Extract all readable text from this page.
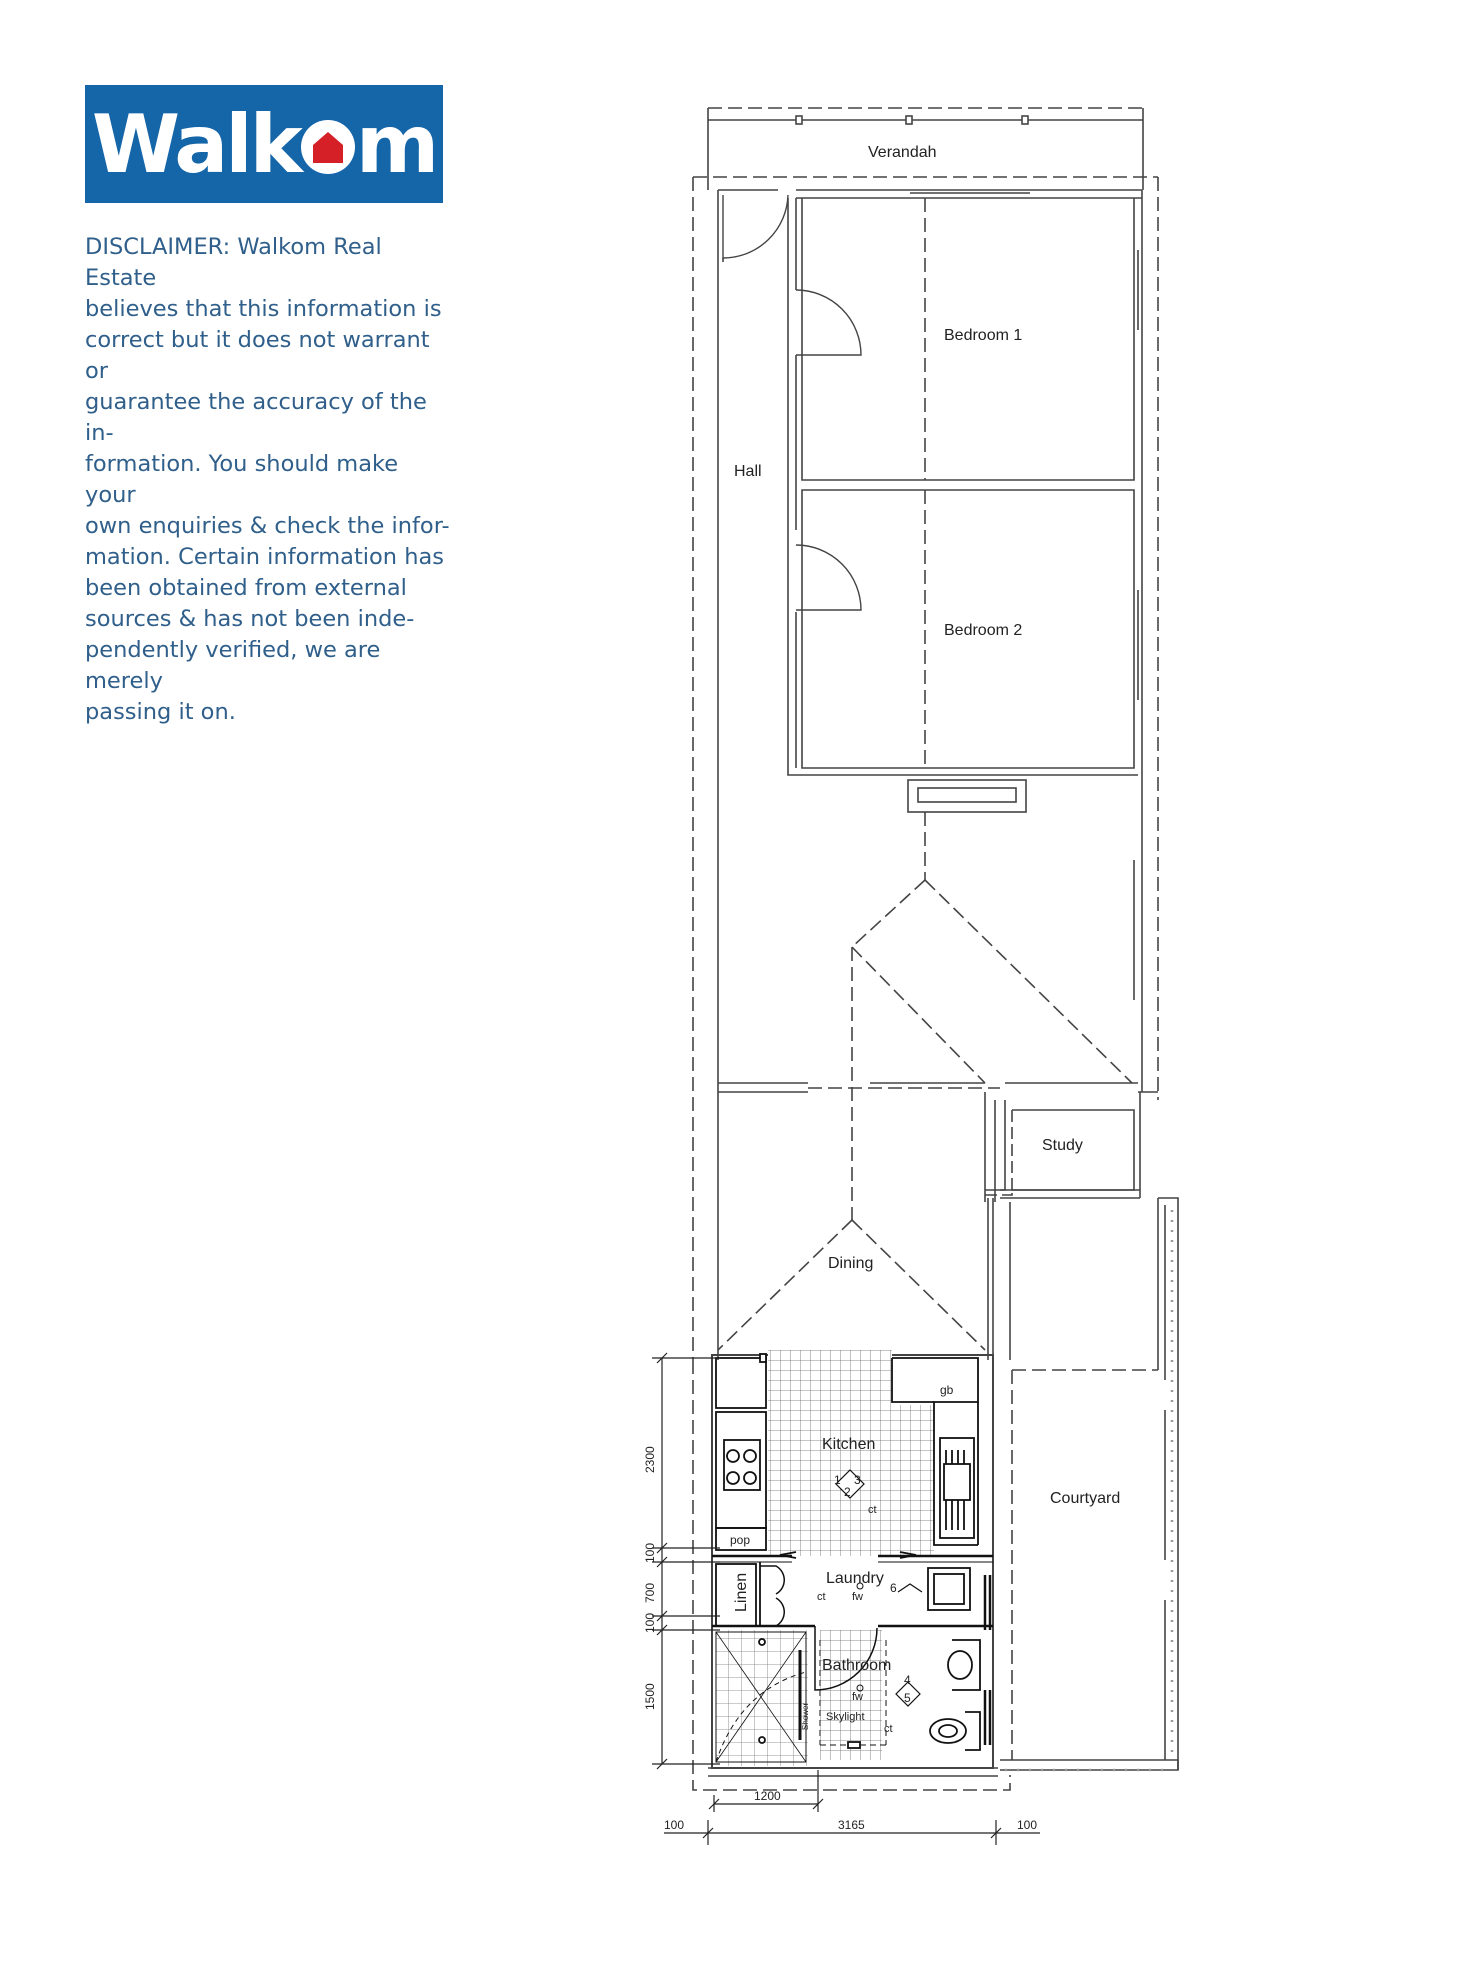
Walk m
DISCLAIMER: Walkom Real Estate
believes that this information is
correct but it does not warrant or
guarantee the accuracy of the in-
formation. You should make your
own enquiries & check the infor-
mation. Certain information has
been obtained from external
sources & has not been inde-
pendently verified, we are merely
passing it on.
Verandah
Bedroom 1
Hall
Bedroom 2
Study
Dining
Kitchen
Courtyard
Laundry
Bathroom
Skylight
Linen
Shower
pop
gb
ct
ct
ct
fw
fw
1 3
2
6
4
5
2300
100
700
100
1500
1200
100	3165	100
